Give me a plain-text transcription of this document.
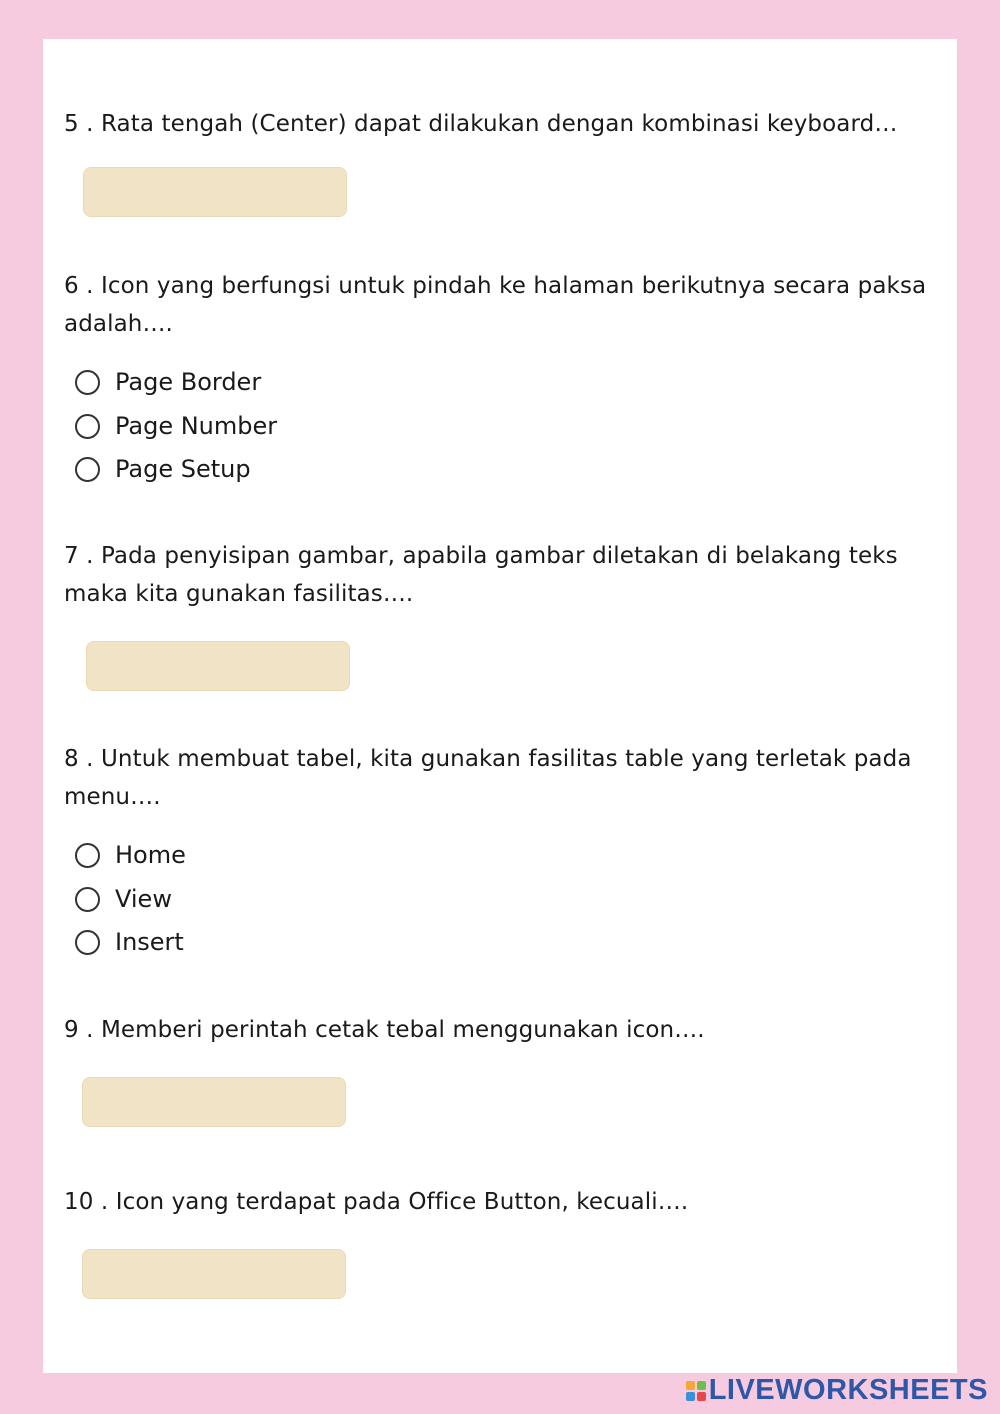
5 . Rata tengah (Center) dapat dilakukan dengan kombinasi keyboard…
6 . Icon yang berfungsi untuk pindah ke halaman berikutnya secara paksa adalah….
Page Border
Page Number
Page Setup
7 . Pada penyisipan gambar, apabila gambar diletakan di belakang teks maka kita gunakan fasilitas….
8 . Untuk membuat tabel, kita gunakan fasilitas table yang terletak pada menu….
Home
View
Insert
9 . Memberi perintah cetak tebal menggunakan icon….
10 . Icon yang terdapat pada Office Button, kecuali….
LIVEWORKSHEETS
